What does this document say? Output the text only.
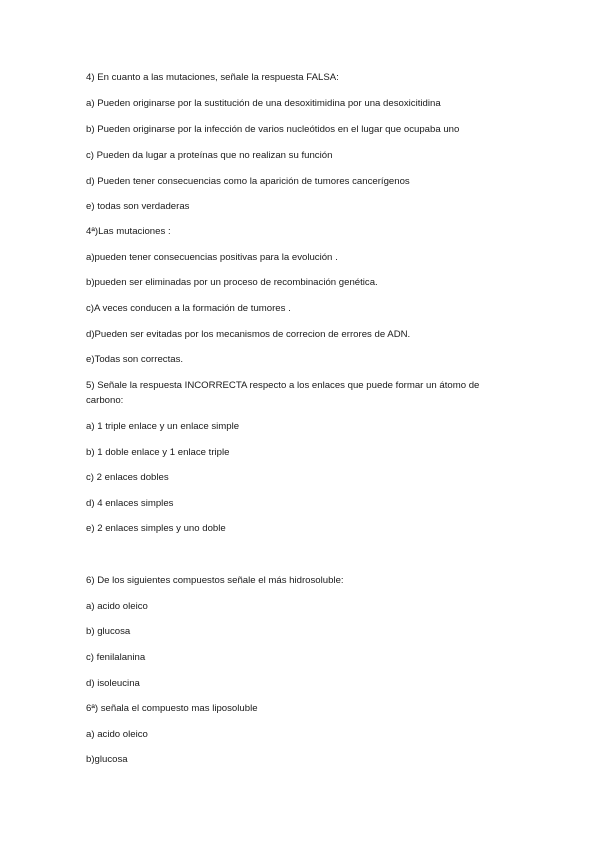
4) En cuanto a las mutaciones, señale la respuesta FALSA:
a) Pueden originarse por la sustitución de una desoxitimidina por una desoxicitidina
b) Pueden originarse por la infección de varios nucleótidos en el lugar que ocupaba uno
c) Pueden da lugar a proteínas que no realizan su función
d) Pueden tener consecuencias como la aparición de tumores cancerígenos
e) todas son verdaderas
4ª)Las mutaciones :
a)pueden tener consecuencias positivas para la evolución .
b)pueden ser eliminadas por un proceso de recombinación genética.
c)A veces conducen a la formación de tumores .
d)Pueden ser evitadas por los mecanismos de correcion de errores de ADN.
e)Todas son correctas.
5) Señale la respuesta INCORRECTA respecto a los enlaces que puede formar un átomo de carbono:
a) 1 triple enlace y un enlace simple
b) 1 doble enlace y 1 enlace triple
c) 2 enlaces dobles
d) 4 enlaces simples
e) 2 enlaces simples y uno doble
6) De los siguientes compuestos señale el más hidrosoluble:
a) acido oleico
b) glucosa
c) fenilalanina
d) isoleucina
6ª) señala el compuesto mas liposoluble
a) acido oleico
b)glucosa
